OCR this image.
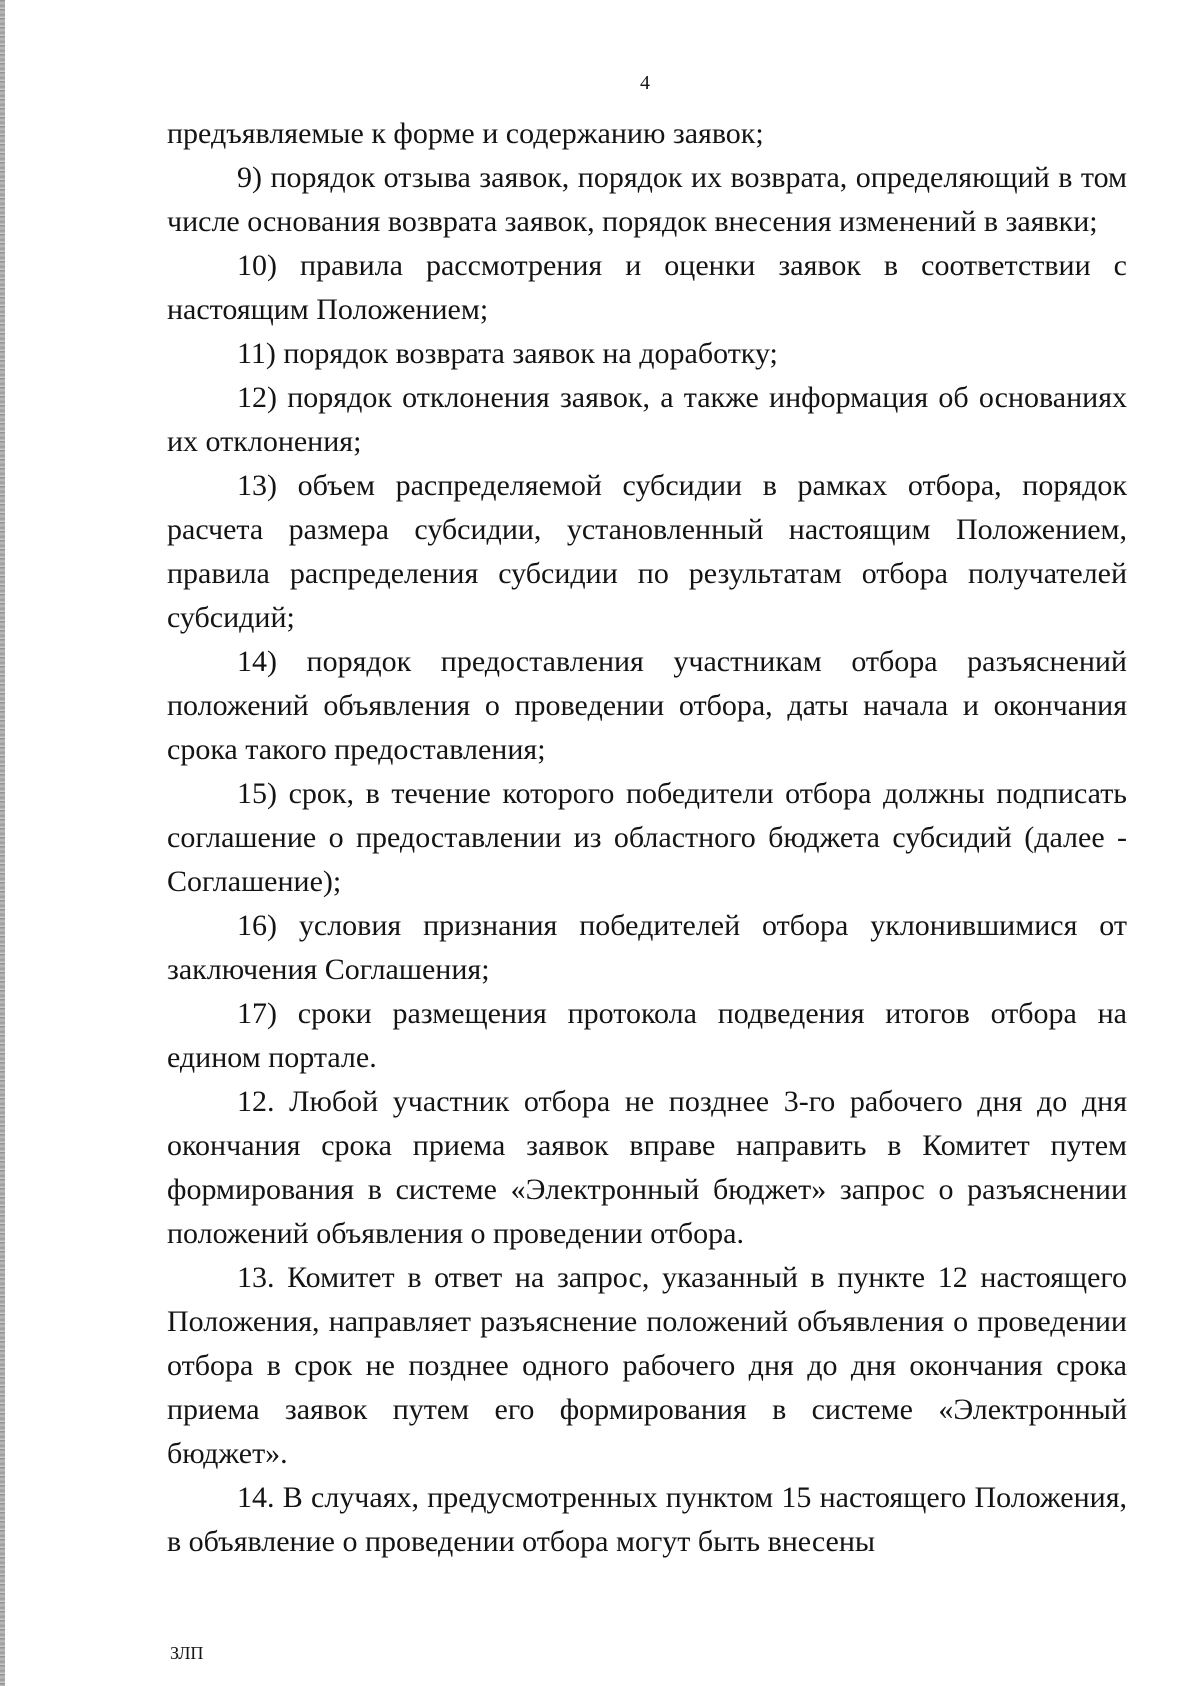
4

предъявляемые к форме и содержанию заявок;

9) порядок отзыва заявок, порядок их возврата, определяющий в том числе основания возврата заявок, порядок внесения изменений в заявки;

10) правила рассмотрения и оценки заявок в соответствии с настоящим Положением;

11) порядок возврата заявок на доработку;

12) порядок отклонения заявок, а также информация об основаниях их отклонения;

13) объем распределяемой субсидии в рамках отбора, порядок расчета размера субсидии, установленный настоящим Положением, правила распределения субсидии по результатам отбора получателей субсидий;

14) порядок предоставления участникам отбора разъяснений положений объявления о проведении отбора, даты начала и окончания срока такого предоставления;

15) срок, в течение которого победители отбора должны подписать соглашение о предоставлении из областного бюджета субсидий (далее - Соглашение);

16) условия признания победителей отбора уклонившимися от заключения Соглашения;

17) сроки размещения протокола подведения итогов отбора на едином портале.

12. Любой участник отбора не позднее 3-го рабочего дня до дня окончания срока приема заявок вправе направить в Комитет путем формирования в системе «Электронный бюджет» запрос о разъяснении положений объявления о проведении отбора.

13. Комитет в ответ на запрос, указанный в пункте 12 настоящего Положения, направляет разъяснение положений объявления о проведении отбора в срок не позднее одного рабочего дня до дня окончания срока приема заявок путем его формирования в системе «Электронный бюджет».

14. В случаях, предусмотренных пунктом 15 настоящего Положения, в объявление о проведении отбора могут быть внесены

ЗЛП
